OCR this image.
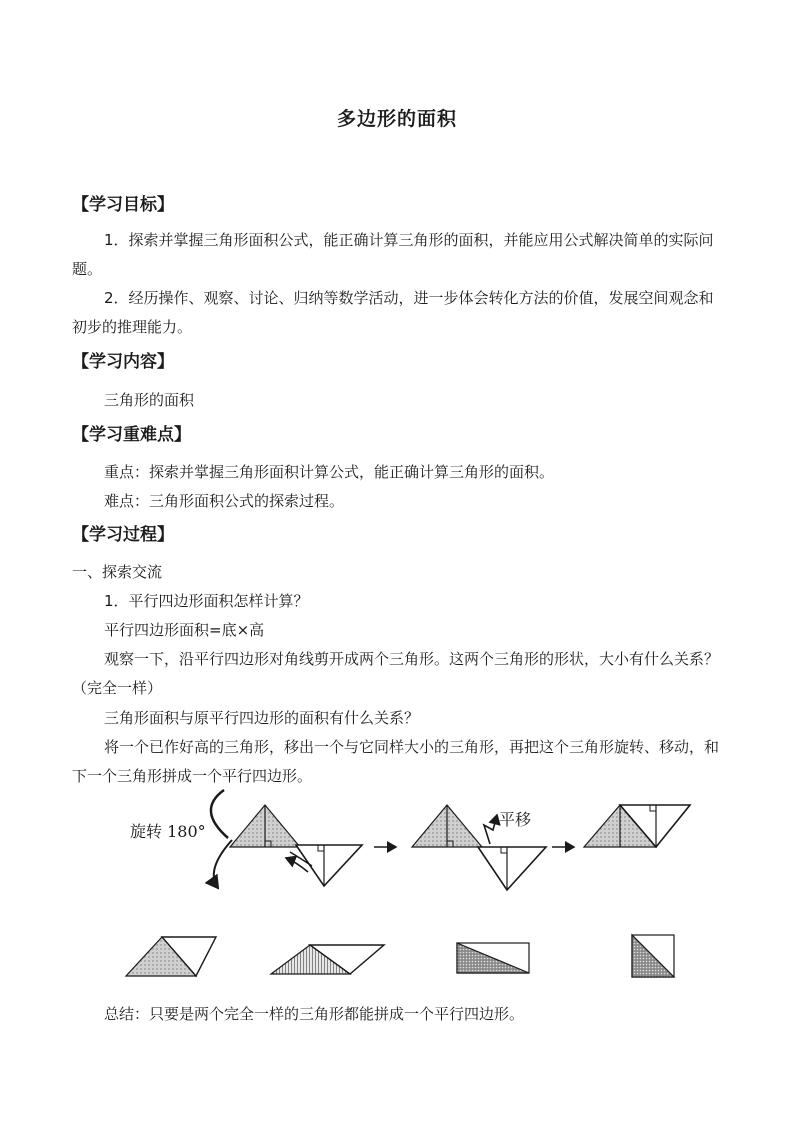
多边形的面积
【学习目标】
1．探索并掌握三角形面积公式，能正确计算三角形的面积，并能应用公式解决简单的实际问题。
2．经历操作、观察、讨论、归纳等数学活动，进一步体会转化方法的价值，发展空间观念和初步的推理能力。
【学习内容】
三角形的面积
【学习重难点】
重点：探索并掌握三角形面积计算公式，能正确计算三角形的面积。
难点：三角形面积公式的探索过程。
【学习过程】
一、探索交流
1．平行四边形面积怎样计算？
平行四边形面积=底×高
观察一下，沿平行四边形对角线剪开成两个三角形。这两个三角形的形状，大小有什么关系？（完全一样）
三角形面积与原平行四边形的面积有什么关系？
将一个已作好高的三角形，移出一个与它同样大小的三角形，再把这个三角形旋转、移动，和下一个三角形拼成一个平行四边形。
旋转 180°
平移
总结：只要是两个完全一样的三角形都能拼成一个平行四边形。
